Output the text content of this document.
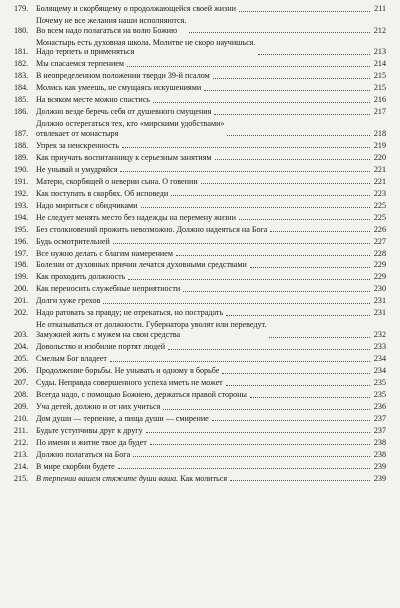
179. Болящему и скорбящему о продолжающейся своей жизни	211
180.
Почему не все желания наши исполняются.
Во всем надо полагаться на волю Божию	212
181.
Монастырь есть духовная школа. Молитве не скоро научишься.
Надо терпеть и применяться	213
182. Мы спасаемся терпением	214
183. В неопределенном положении тверди 39-й псалом	215
184. Молись как умеешь, не смущаясь искушениями	215
185. На всяком месте можно спастись	216
186. Должно везде беречь себя от душевного смущения	217
187.
Должно остерегаться тех, кто «мирскими удобствами»
отвлекает от монастыря	218
188. Упрек за неискренность	219
189. Как приучать воспитанницу к серьезным занятиям	220
190. Не унывай и умудряйся	221
191. Матери, скорбящей о неверии сына. О говении	221
192. Как поступать в скорбях. Об исповеди	223
193. Надо мириться с обидчиками	225
194. Не следует менять место без надежды на перемену жизни	225
195. Без столкновений прожить невозможно. Должно надеяться на Бога	226
196. Будь осмотрительней	227
197. Все нужно делать с благим намерением	228
198. Болезни от духовных причин лечатся духовными средствами	229
199. Как проходить должность	229
200. Как переносить служебные неприятности	230
201. Долги хуже грехов	231
202. Надо ратовать за правду; не отрекаться, но пострадать	231
203.
Не отказываться от должности. Губернатора уволят или переведут.
Замужней жить с мужем на свои средства	232
204. Довольство и изобилие портят людей	233
205. Смелым Бог владеет	234
206. Продолжение борьбы. Не унывать и одному в борьбе	234
207. Суды. Неправда совершенного успеха иметь не может	235
208. Всегда надо, с помощью Божиею, держаться правой стороны	235
209. Уча детей, должно и от них учиться	236
210. Дом души — терпение, а пища души — смирение	237
211.	Будьте уступчивы друг к другу	237
212. По имени и житие твое да будет	238
213. Должно полагаться на Бога	238
214. В мире скорбни будете	239
215. В терпении вашем стяжите души ваша. Как молиться	239
